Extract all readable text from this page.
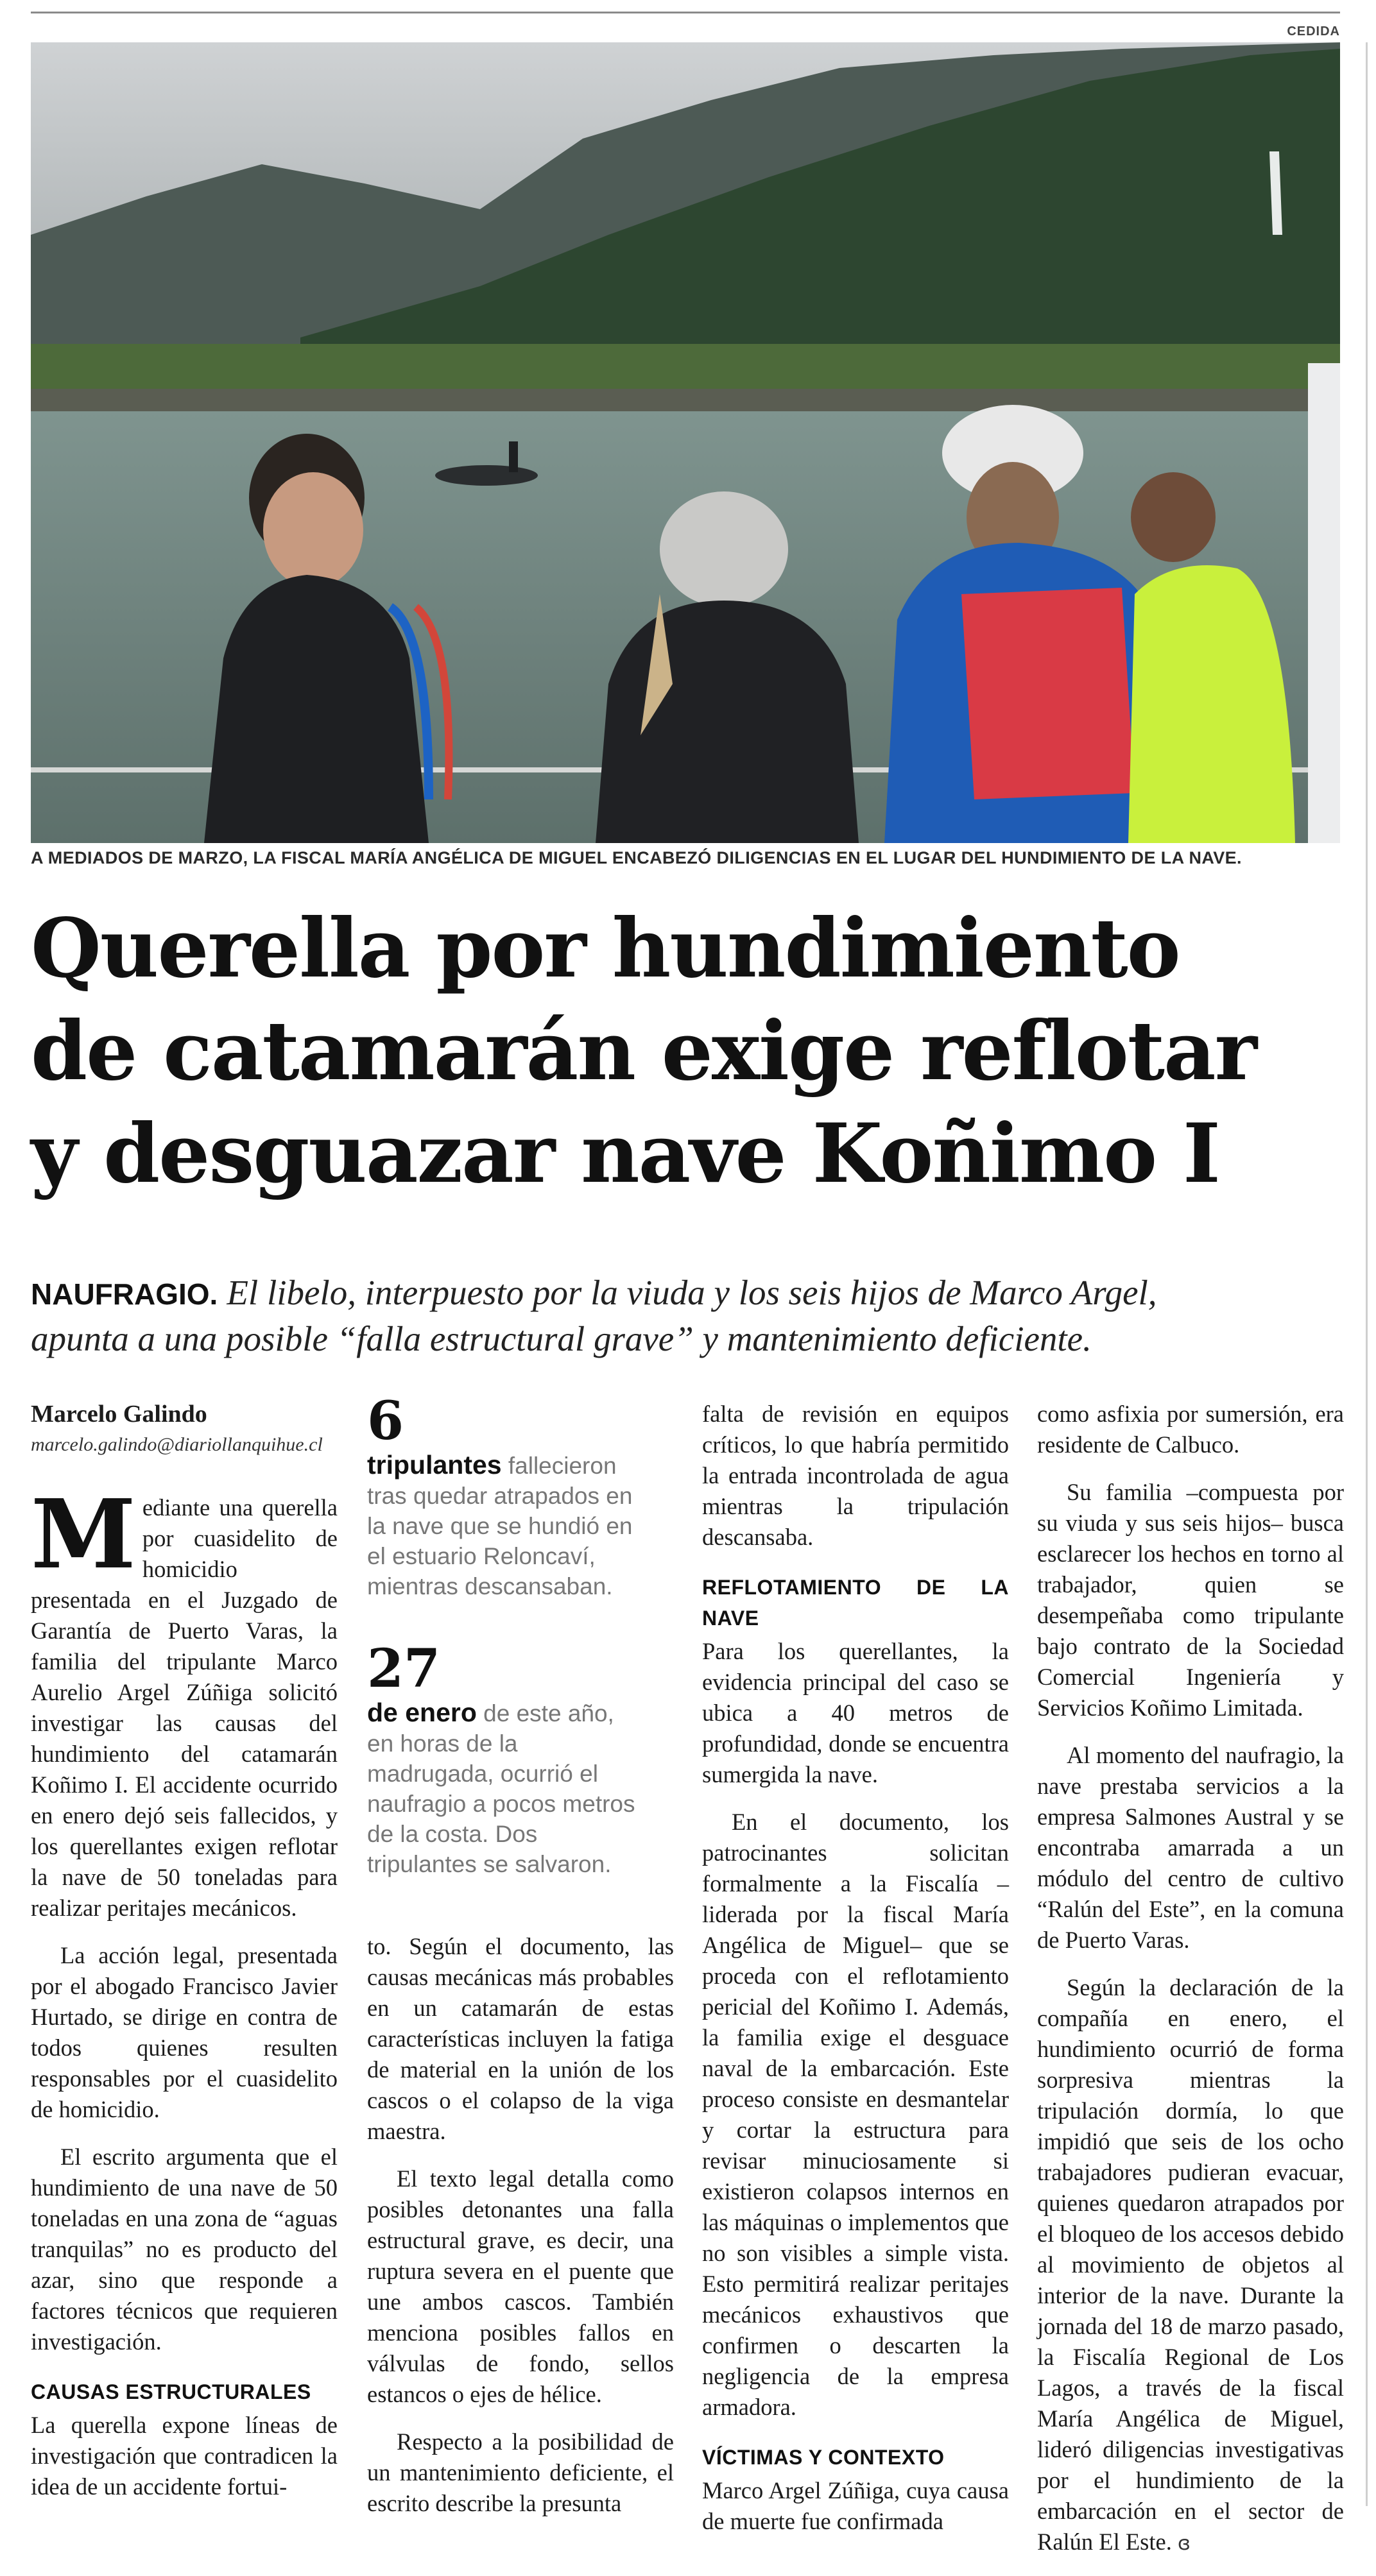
CEDIDA
A MEDIADOS DE MARZO, LA FISCAL MARÍA ANGÉLICA DE MIGUEL ENCABEZÓ DILIGENCIAS EN EL LUGAR DEL HUNDIMIENTO DE LA NAVE.
Querella por hundimiento
de catamarán exige reflotar
y desguazar nave Koñimo I
NAUFRAGIO. El libelo, interpuesto por la viuda y los seis hijos de Marco Argel,
apunta a una posible “falla estructural grave” y mantenimiento deficiente.
Marcelo Galindo
marcelo.galindo@diariollanquihue.cl

Mediante una querella por cuasidelito de homicidio presentada en el Juzgado de Garantía de Puerto Varas, la familia del tripulante Marco Aurelio Argel Zúñiga solicitó investigar las causas del hundimiento del catamarán Koñimo I. El accidente ocurrido en enero dejó seis fallecidos, y los querellantes exigen reflotar la nave de 50 toneladas para realizar peritajes mecánicos.

La acción legal, presentada por el abogado Francisco Javier Hurtado, se dirige en contra de todos quienes resulten responsables por el cuasidelito de homicidio.

El escrito argumenta que el hundimiento de una nave de 50 toneladas en una zona de “aguas tranquilas” no es producto del azar, sino que responde a factores técnicos que requieren investigación.

CAUSAS ESTRUCTURALES

La querella expone líneas de investigación que contradicen la idea de un accidente fortui-

6
tripulantes fallecieron tras quedar atrapados en la nave que se hundió en el estuario Reloncaví, mientras descansaban.
27
de enero de este año, en horas de la madrugada, ocurrió el naufragio a pocos metros de la costa. Dos tripulantes se salvaron.

to. Según el documento, las causas mecánicas más probables en un catamarán de estas características incluyen la fatiga de material en la unión de los cascos o el colapso de la viga maestra.

El texto legal detalla como posibles detonantes una falla estructural grave, es decir, una ruptura severa en el puente que une ambos cascos. También menciona posibles fallos en válvulas de fondo, sellos estancos o ejes de hélice.

Respecto a la posibilidad de un mantenimiento deficiente, el escrito describe la presunta

falta de revisión en equipos críticos, lo que habría permitido la entrada incontrolada de agua mientras la tripulación descansaba.

REFLOTAMIENTO DE LA NAVE

Para los querellantes, la evidencia principal del caso se ubica a 40 metros de profundidad, donde se encuentra sumergida la nave.

En el documento, los patrocinantes solicitan formalmente a la Fiscalía –liderada por la fiscal María Angélica de Miguel– que se proceda con el reflotamiento pericial del Koñimo I. Además, la familia exige el desguace naval de la embarcación. Este proceso consiste en desmantelar y cortar la estructura para revisar minuciosamente si existieron colapsos internos en las máquinas o implementos que no son visibles a simple vista. Esto permitirá realizar peritajes mecánicos exhaustivos que confirmen o descarten la negligencia de la empresa armadora.

VÍCTIMAS Y CONTEXTO

Marco Argel Zúñiga, cuya causa de muerte fue confirmada

como asfixia por sumersión, era residente de Calbuco.

Su familia –compuesta por su viuda y sus seis hijos– busca esclarecer los hechos en torno al trabajador, quien se desempeñaba como tripulante bajo contrato de la Sociedad Comercial Ingeniería y Servicios Koñimo Limitada.

Al momento del naufragio, la nave prestaba servicios a la empresa Salmones Austral y se encontraba amarrada a un módulo del centro de cultivo “Ralún del Este”, en la comuna de Puerto Varas.

Según la declaración de la compañía en enero, el hundimiento ocurrió de forma sorpresiva mientras la tripulación dormía, lo que impidió que seis de los ocho trabajadores pudieran evacuar, quienes quedaron atrapados por el bloqueo de los accesos debido al movimiento de objetos al interior de la nave. Durante la jornada del 18 de marzo pasado, la Fiscalía Regional de Los Lagos, a través de la fiscal María Angélica de Miguel, lideró diligencias investigativas por el hundimiento de la embarcación en el sector de Ralún El Este. ɞ
